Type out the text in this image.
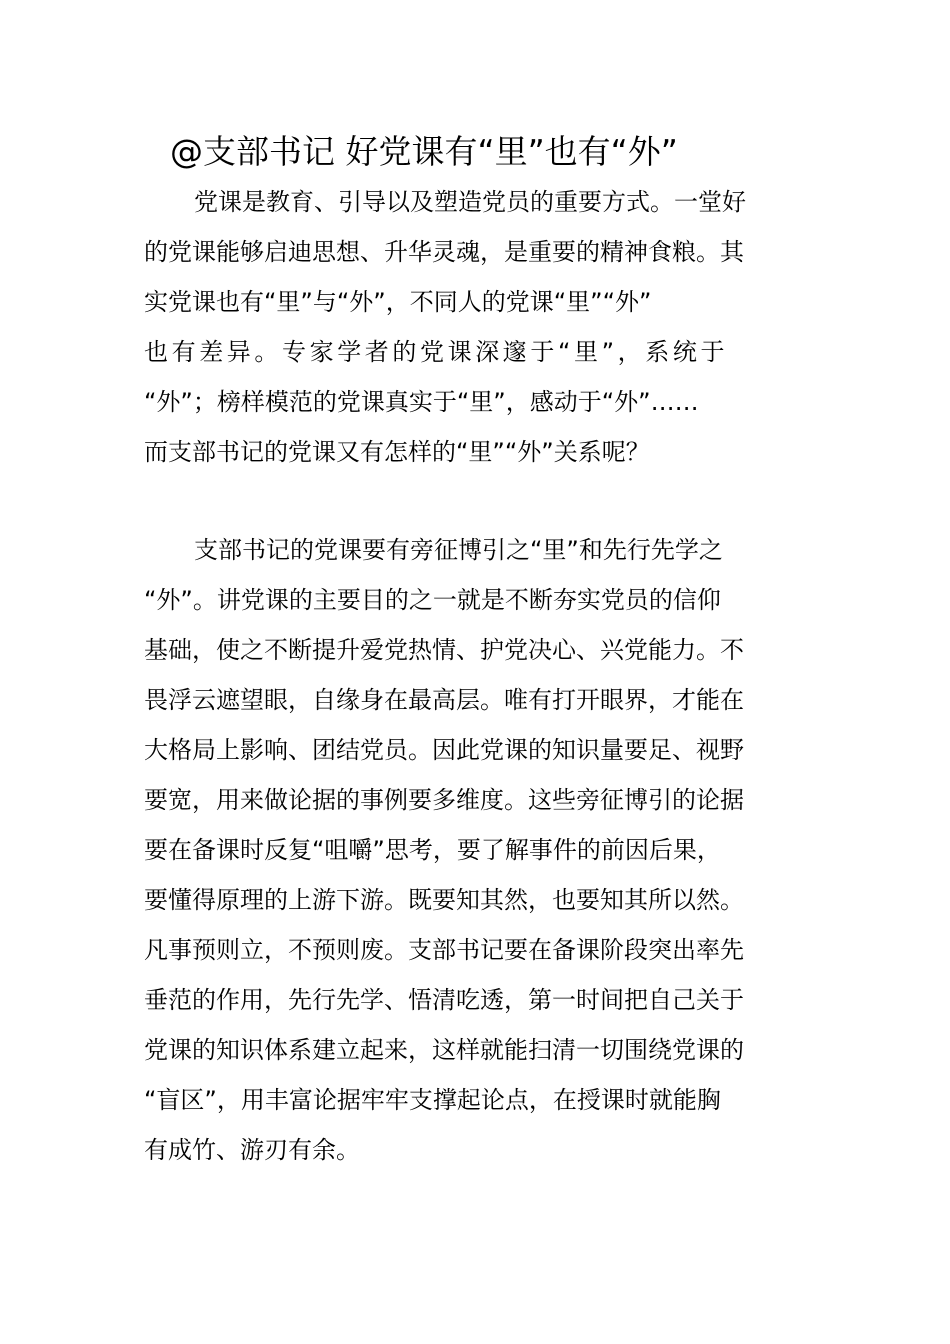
@支部书记 好党课有“里”也有“外”
党课是教育、引导以及塑造党员的重要方式。一堂好
的党课能够启迪思想、升华灵魂，是重要的精神食粮。其
实党课也有“里”与“外”，不同人的党课“里”“外”
也有差异。专家学者的党课深邃于“里”，系统于
“外”；榜样模范的党课真实于“里”，感动于“外”……
而支部书记的党课又有怎样的“里”“外”关系呢？
支部书记的党课要有旁征博引之“里”和先行先学之
“外”。讲党课的主要目的之一就是不断夯实党员的信仰
基础，使之不断提升爱党热情、护党决心、兴党能力。不
畏浮云遮望眼，自缘身在最高层。唯有打开眼界，才能在
大格局上影响、团结党员。因此党课的知识量要足、视野
要宽，用来做论据的事例要多维度。这些旁征博引的论据
要在备课时反复“咀嚼”思考，要了解事件的前因后果，
要懂得原理的上游下游。既要知其然，也要知其所以然。
凡事预则立，不预则废。支部书记要在备课阶段突出率先
垂范的作用，先行先学、悟清吃透，第一时间把自己关于
党课的知识体系建立起来，这样就能扫清一切围绕党课的
“盲区”，用丰富论据牢牢支撑起论点，在授课时就能胸
有成竹、游刃有余。
